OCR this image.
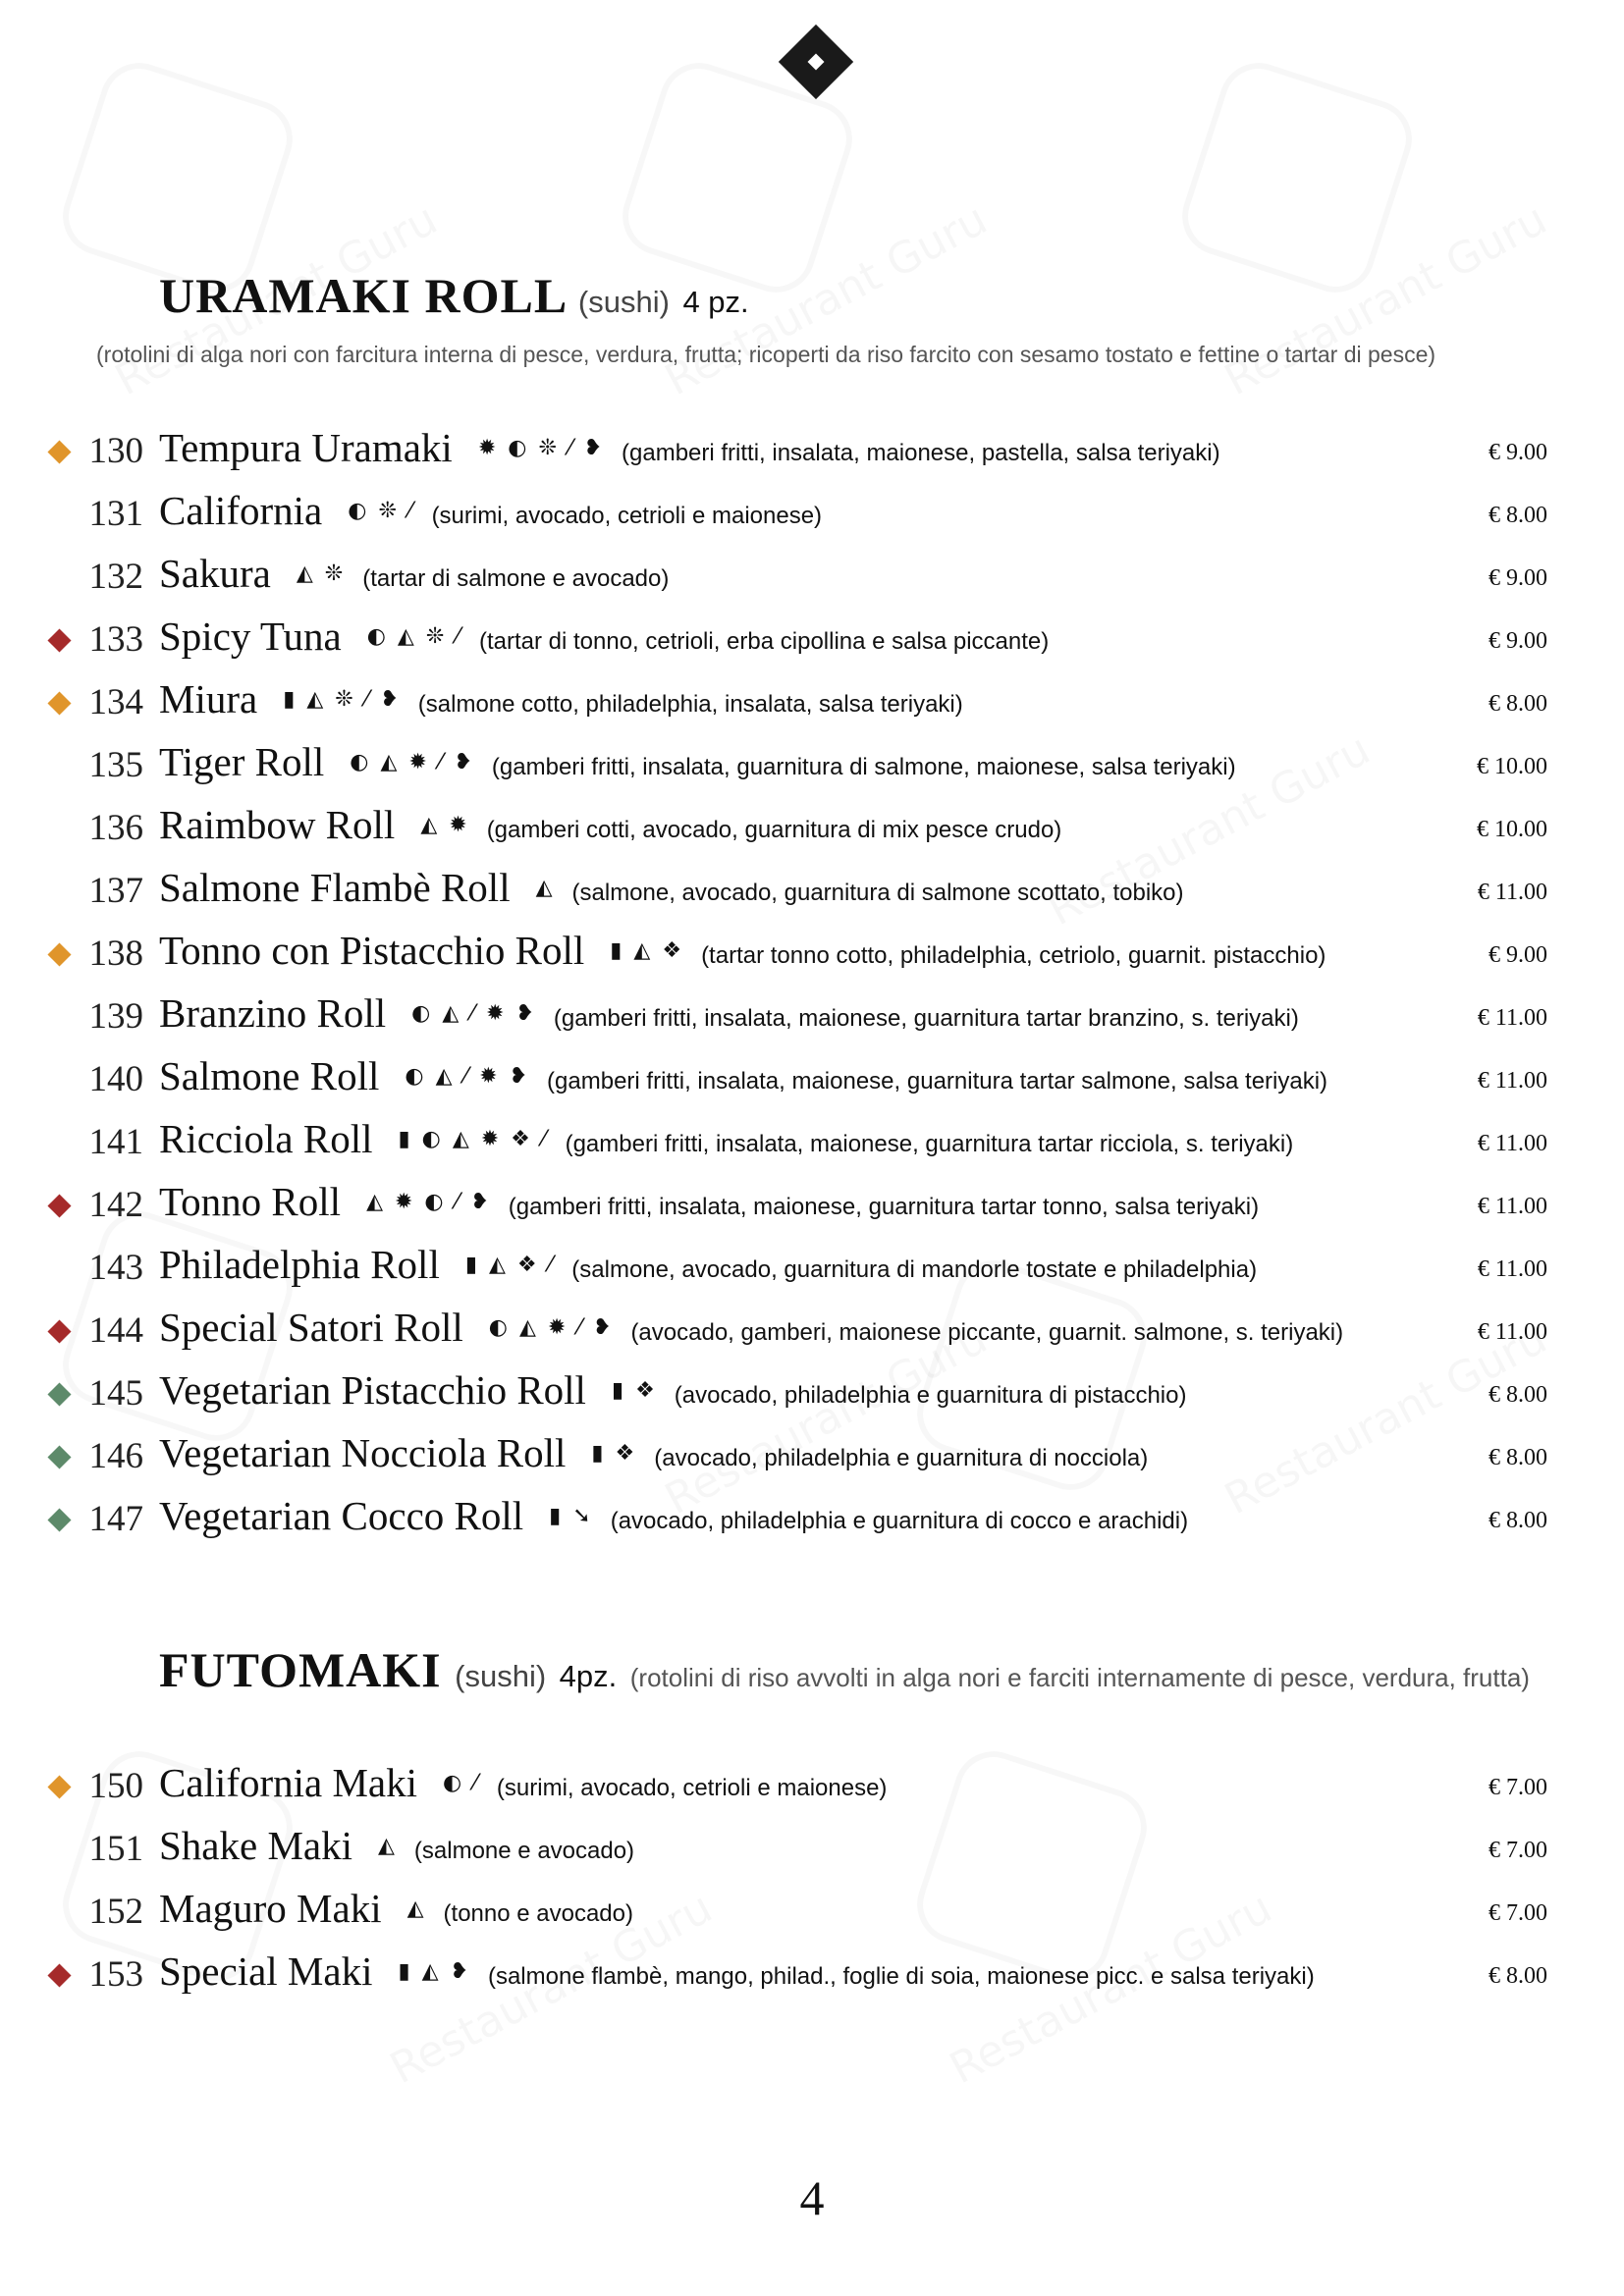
URAMAKI ROLL (sushi) 4 pz.
(rotolini di alga nori con farcitura interna di pesce, verdura, frutta; ricoperti da riso farcito con sesamo tostato e fettine o tartar di pesce)
130 Tempura Uramaki ✹ ◐ ❊ ⁄ ❥ (gamberi fritti, insalata, maionese, pastella, salsa teriyaki)	€ 9.00
131 California ◐ ❊ ⁄ (surimi, avocado, cetrioli e maionese)	€ 8.00
132 Sakura ◭ ❊ (tartar di salmone e avocado)	€ 9.00
133 Spicy Tuna ◐ ◭ ❊ ⁄ (tartar di tonno, cetrioli, erba cipollina e salsa piccante)	€ 9.00
134 Miura ▮ ◭ ❊ ⁄ ❥ (salmone cotto, philadelphia, insalata, salsa teriyaki)	€ 8.00
135 Tiger Roll ◐ ◭ ✹ ⁄ ❥ (gamberi fritti, insalata, guarnitura di salmone, maionese, salsa teriyaki)	€ 10.00
136 Raimbow Roll ◭ ✹ (gamberi cotti, avocado, guarnitura di mix pesce crudo)	€ 10.00
137 Salmone Flambè Roll ◭ (salmone, avocado, guarnitura di salmone scottato, tobiko)	€ 11.00
138 Tonno con Pistacchio Roll ▮ ◭ ❖ (tartar tonno cotto, philadelphia, cetriolo, guarnit. pistacchio)	€ 9.00
139 Branzino Roll ◐ ◭ ⁄ ✹ ❥ (gamberi fritti, insalata, maionese, guarnitura tartar branzino, s. teriyaki)	€ 11.00
140 Salmone Roll ◐ ◭ ⁄ ✹ ❥ (gamberi fritti, insalata, maionese, guarnitura tartar salmone, salsa teriyaki)	€ 11.00
141 Ricciola Roll ▮ ◐ ◭ ✹ ❖ ⁄ (gamberi fritti, insalata, maionese, guarnitura tartar ricciola, s. teriyaki)	€ 11.00
142 Tonno Roll ◭ ✹ ◐ ⁄ ❥ (gamberi fritti, insalata, maionese, guarnitura tartar tonno, salsa teriyaki)	€ 11.00
143 Philadelphia Roll ▮ ◭ ❖ ⁄ (salmone, avocado, guarnitura di mandorle tostate e philadelphia)	€ 11.00
144 Special Satori Roll ◐ ◭ ✹ ⁄ ❥ (avocado, gamberi, maionese piccante, guarnit. salmone, s. teriyaki)	€ 11.00
145 Vegetarian Pistacchio Roll ▮ ❖ (avocado, philadelphia e guarnitura di pistacchio)	€ 8.00
146 Vegetarian Nocciola Roll ▮ ❖ (avocado, philadelphia e guarnitura di nocciola)	€ 8.00
147 Vegetarian Cocco Roll ▮ ➘ (avocado, philadelphia e guarnitura di cocco e arachidi)	€ 8.00
FUTOMAKI (sushi) 4pz. (rotolini di riso avvolti in alga nori e farciti internamente di pesce, verdura, frutta)
150 California Maki ◐ ⁄ (surimi, avocado, cetrioli e maionese)	€ 7.00
151 Shake Maki ◭ (salmone e avocado)	€ 7.00
152 Maguro Maki ◭ (tonno e avocado)	€ 7.00
153 Special Maki ▮ ◭ ❥ (salmone flambè, mango, philad., foglie di soia, maionese picc. e salsa teriyaki)	€ 8.00
4
